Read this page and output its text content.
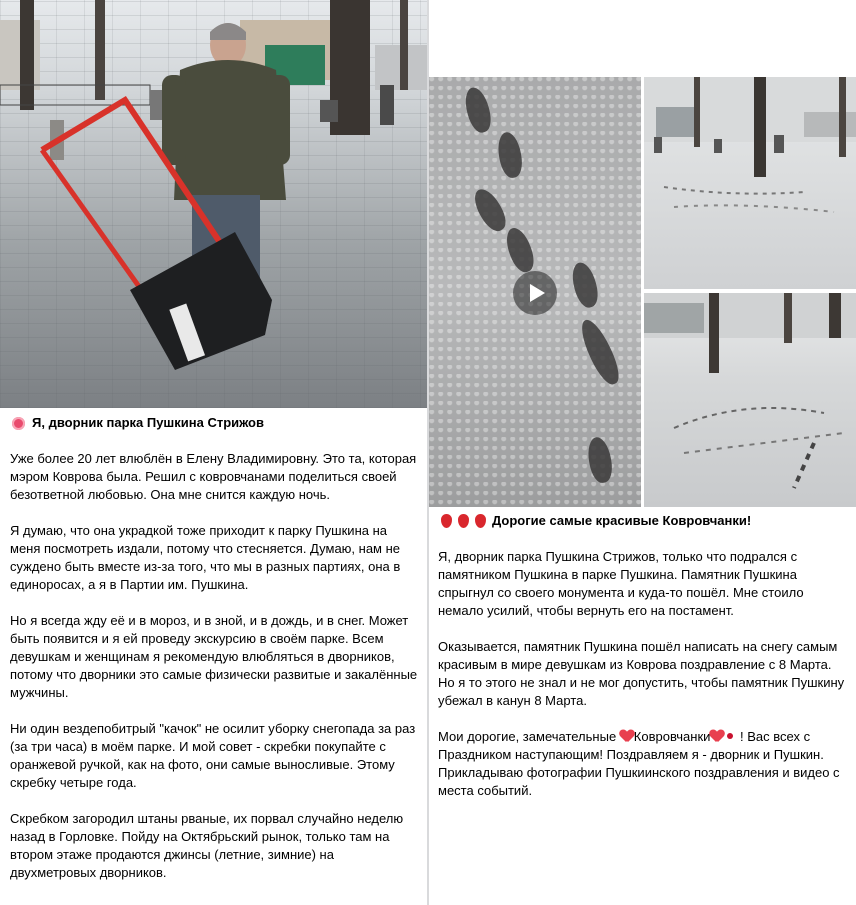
Я, дворник парка Пушкина Стрижов

Уже более 20 лет влюблён в Елену Владимировну. Это та, которая мэром Коврова была. Решил с ковровчанами поделиться своей безответной любовью. Она мне снится каждую ночь.

Я думаю, что она украдкой тоже приходит к парку Пушкина на меня посмотреть издали, потому что стесняется. Думаю, нам не суждено быть вместе из-за того, что мы в разных партиях, она в единоросах, а я в Партии им. Пушкина.

Но я всегда жду её и в мороз, и в зной, и в дождь, и в снег. Может быть появится и я ей проведу экскурсию в своём парке. Всем девушкам и женщинам я рекомендую влюбляться в дворников, потому что дворники это самые физически развитые и закалённые мужчины.

Ни один вездепобитрый "качок" не осилит уборку снегопада за раз (за три часа) в моём парке. И мой совет - скребки покупайте с оранжевой ручкой, как на фото, они самые выносливые. Этому скребку четыре года.

Скребком загородил штаны рваные, их порвал случайно неделю назад в Горловке. Пойду на Октябрьский рынок, только там на втором этаже продаются джинсы (летние, зимние) на двухметровых дворников.

Дорогие самые красивые Ковровчанки!

Я, дворник парка Пушкина Стрижов, только что подрался с памятником Пушкина в парке Пушкина. Памятник Пушкина спрыгнул со своего монумента и куда-то пошёл. Мне стоило немало усилий, чтобы вернуть его на постамент.

Оказывается, памятник Пушкина пошёл написать на снегу самым красивым в мире девушкам из Коврова поздравление с 8 Марта. Но я то этого не знал и не мог допустить, чтобы памятник Пушкину убежал в канун 8 Марта.

Мои дорогие, замечательные Ковровчанки ! Вас всех с Праздником наступающим! Поздравляем я - дворник и Пушкин. Прикладываю фотографии Пушкиинского поздравления и видео с места событий.
